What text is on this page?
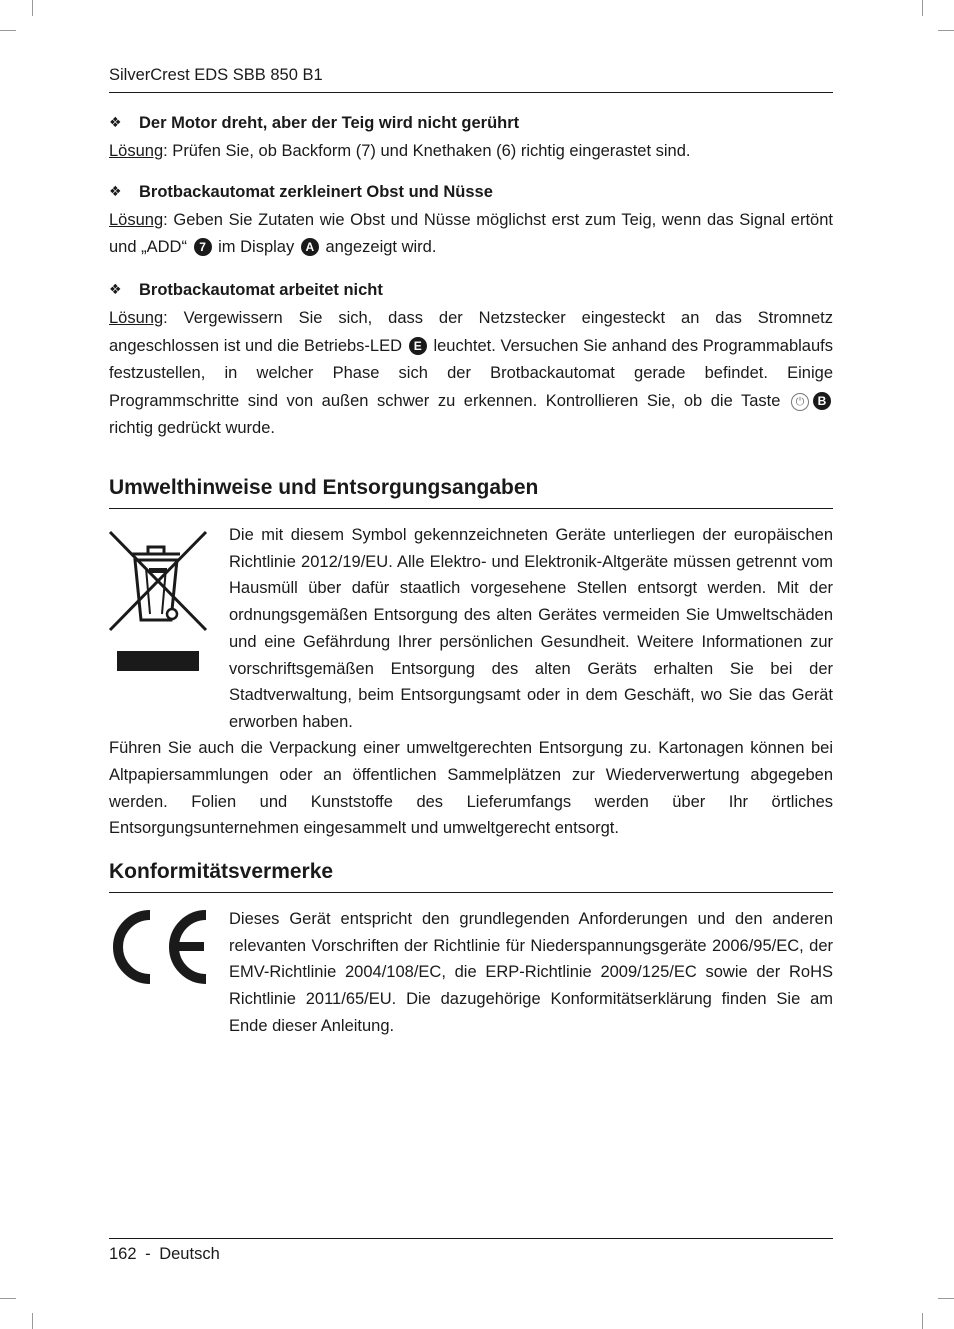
SilverCrest EDS SBB 850 B1
❖ Der Motor dreht, aber der Teig wird nicht gerührt
Lösung: Prüfen Sie, ob Backform (7) und Knethaken (6) richtig eingerastet sind.
❖ Brotbackautomat zerkleinert Obst und Nüsse
Lösung: Geben Sie Zutaten wie Obst und Nüsse möglichst erst zum Teig, wenn das Signal ertönt und „ADD“ 7 im Display A angezeigt wird.
❖ Brotbackautomat arbeitet nicht
Lösung: Vergewissern Sie sich, dass der Netzstecker eingesteckt an das Stromnetz angeschlossen ist und die Betriebs-LED E leuchtet. Versuchen Sie anhand des Programmablaufs festzustellen, in welcher Phase sich der Brotbackautomat gerade befindet. Einige Programmschritte sind von außen schwer zu erkennen. Kontrollieren Sie, ob die Taste ⏻ B richtig gedrückt wurde.
Umwelthinweise und Entsorgungsangaben
Die mit diesem Symbol gekennzeichneten Geräte unterliegen der europäischen Richtlinie 2012/19/EU. Alle Elektro- und Elektronik-Altgeräte müssen getrennt vom Hausmüll über dafür staatlich vorgesehene Stellen entsorgt werden. Mit der ordnungsgemäßen Entsorgung des alten Gerätes vermeiden Sie Umweltschäden und eine Gefährdung Ihrer persönlichen Gesundheit. Weitere Informationen zur vorschriftsgemäßen Entsorgung des alten Geräts erhalten Sie bei der Stadtverwaltung, beim Entsorgungsamt oder in dem Geschäft, wo Sie das Gerät erworben haben.
Führen Sie auch die Verpackung einer umweltgerechten Entsorgung zu. Kartonagen können bei Altpapiersammlungen oder an öffentlichen Sammelplätzen zur Wiederverwertung abgegeben werden. Folien und Kunststoffe des Lieferumfangs werden über Ihr örtliches Entsorgungsunternehmen eingesammelt und umweltgerecht entsorgt.
Konformitätsvermerke
Dieses Gerät entspricht den grundlegenden Anforderungen und den anderen relevanten Vorschriften der Richtlinie für Niederspannungsgeräte 2006/95/EC, der EMV-Richtlinie 2004/108/EC, die ERP-Richtlinie 2009/125/EC sowie der RoHS Richtlinie 2011/65/EU. Die dazugehörige Konformitätserklärung finden Sie am Ende dieser Anleitung.
162 - Deutsch
